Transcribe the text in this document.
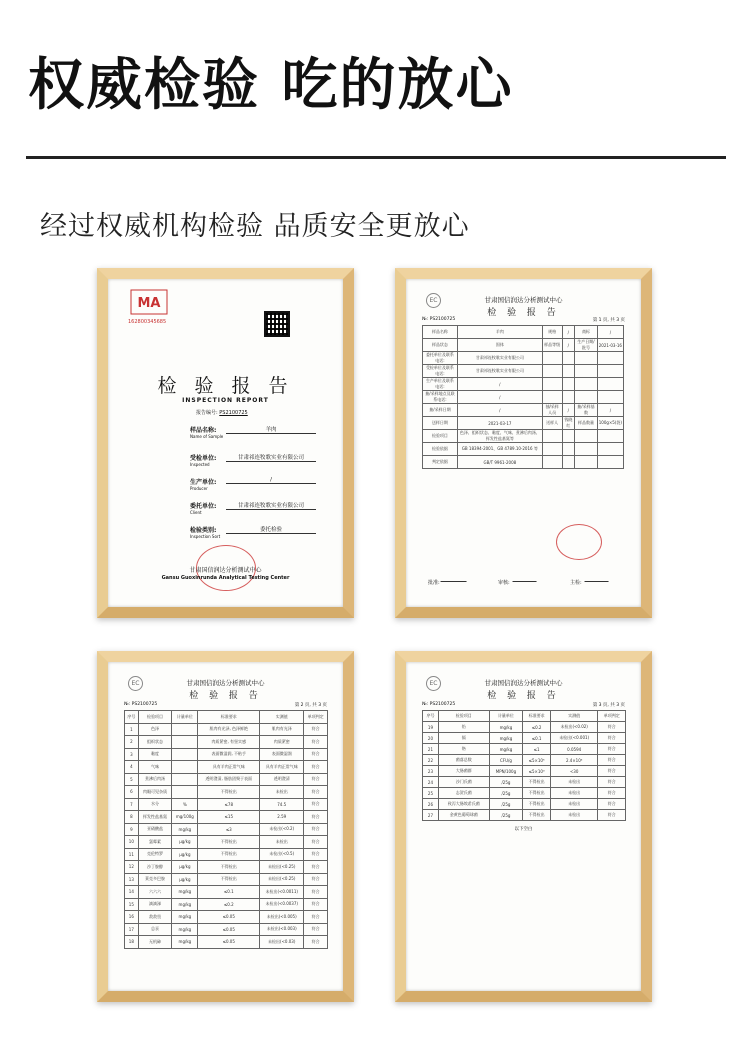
权威检验 吃的放心
经过权威机构检验 品质安全更放心
MA
162800345685
检 验 报 告
INSPECTION REPORT
报告编号: PS2100725
样品名称:
Name of Sample
羊肉
受检单位:
Inspected
甘肃祁连牧歌实业有限公司
生产单位:
Producer
/
委托单位:
Client
甘肃祁连牧歌实业有限公司
检验类别:
Inspection Sort
委托检验
甘肃国信润达分析测试中心
Gansu Guoxinrunda Analytical Testing Center
EC	甘肃国信润达分析测试中心
检 验 报 告
№: PS2100725	第 1 页, 共 3 页
样品名称	羊肉	规格	/	商标	/
样品状态	固体	样品等级	/	生产日期/批号	2021-03-16
委托单位及联系电话:	甘肃祁连牧歌实业有限公司				
受检单位及联系电话:	甘肃祁连牧歌实业有限公司				
生产单位及联系电话:	/				
抽/采样地点及联系电话:	/				
抽/采样日期	/	抽/采样人员	/	抽/采样基数	/
送样日期	2021-03-17	送样人	钱晓红	样品数量	100g×5(袋)
检验项目	色泽、组织状态、黏度、气味、煮沸后肉汤、挥发性盐基氮等				
检验依据	GB 18394-2001、GB 4789.10-2016 等				
判定依据	GB/T 9961-2008				
批准:	审核:	主检:
EC	甘肃国信润达分析测试中心
检 验 报 告
№: PS2100725	第 2 页, 共 3 页
序号	检验项目	计量单位	标准要求	实测值	单项判定
1	色泽		肌肉有光泽, 色泽鲜艳	肌肉有光泽	符合
2	组织状态		肉质紧密, 有坚实感	肉质紧密	符合
3	黏度		表面微湿润, 不粘手	表面微湿润	符合
4	气味		具有羊肉正常气味	具有羊肉正常气味	符合
5	煮沸后肉汤		透明澄清, 脂肪团聚于表面	透明澄清	符合
6	肉眼可见杂质		不得检出	未检出	符合
7	水分	%	≤78	74.5	符合
8	挥发性盐基氮	mg/100g	≤15	2.59	符合
9	亚硝酸盐	mg/kg	≤3	未检出(<0.2)	符合
10	氯霉素	μg/kg	不得检出	未检出	符合
11	克伦特罗	μg/kg	不得检出	未检出(<0.5)	符合
12	沙丁胺醇	μg/kg	不得检出	未检出(<0.25)	符合
13	莱克多巴胺	μg/kg	不得检出	未检出(<0.25)	符合
14	六六六	mg/kg	≤0.1	未检出(<0.0011)	符合
15	滴滴涕	mg/kg	≤0.2	未检出(<0.0037)	符合
16	敌敌畏	mg/kg	≤0.05	未检出(<0.005)	符合
17	总汞	mg/kg	≤0.05	未检出(<0.003)	符合
18	无机砷	mg/kg	≤0.05	未检出(<0.03)	符合
EC	甘肃国信润达分析测试中心
检 验 报 告
№: PS2100725	第 3 页, 共 3 页
序号	检验项目	计量单位	标准要求	实测值	单项判定
19	铅	mg/kg	≤0.2	未检出(<0.02)	符合
20	镉	mg/kg	≤0.1	未检出(<0.001)	符合
21	铬	mg/kg	≤1	0.0594	符合
22	菌落总数	CFU/g	≤5×10⁵	2.4×10³	符合
23	大肠菌群	MPN/100g	≤5×10³	<30	符合
24	沙门氏菌	/25g	不得检出	未检出	符合
25	志贺氏菌	/25g	不得检出	未检出	符合
26	致泻大肠埃希氏菌	/25g	不得检出	未检出	符合
27	金黄色葡萄球菌	/25g	不得检出	未检出	符合
以下空白
